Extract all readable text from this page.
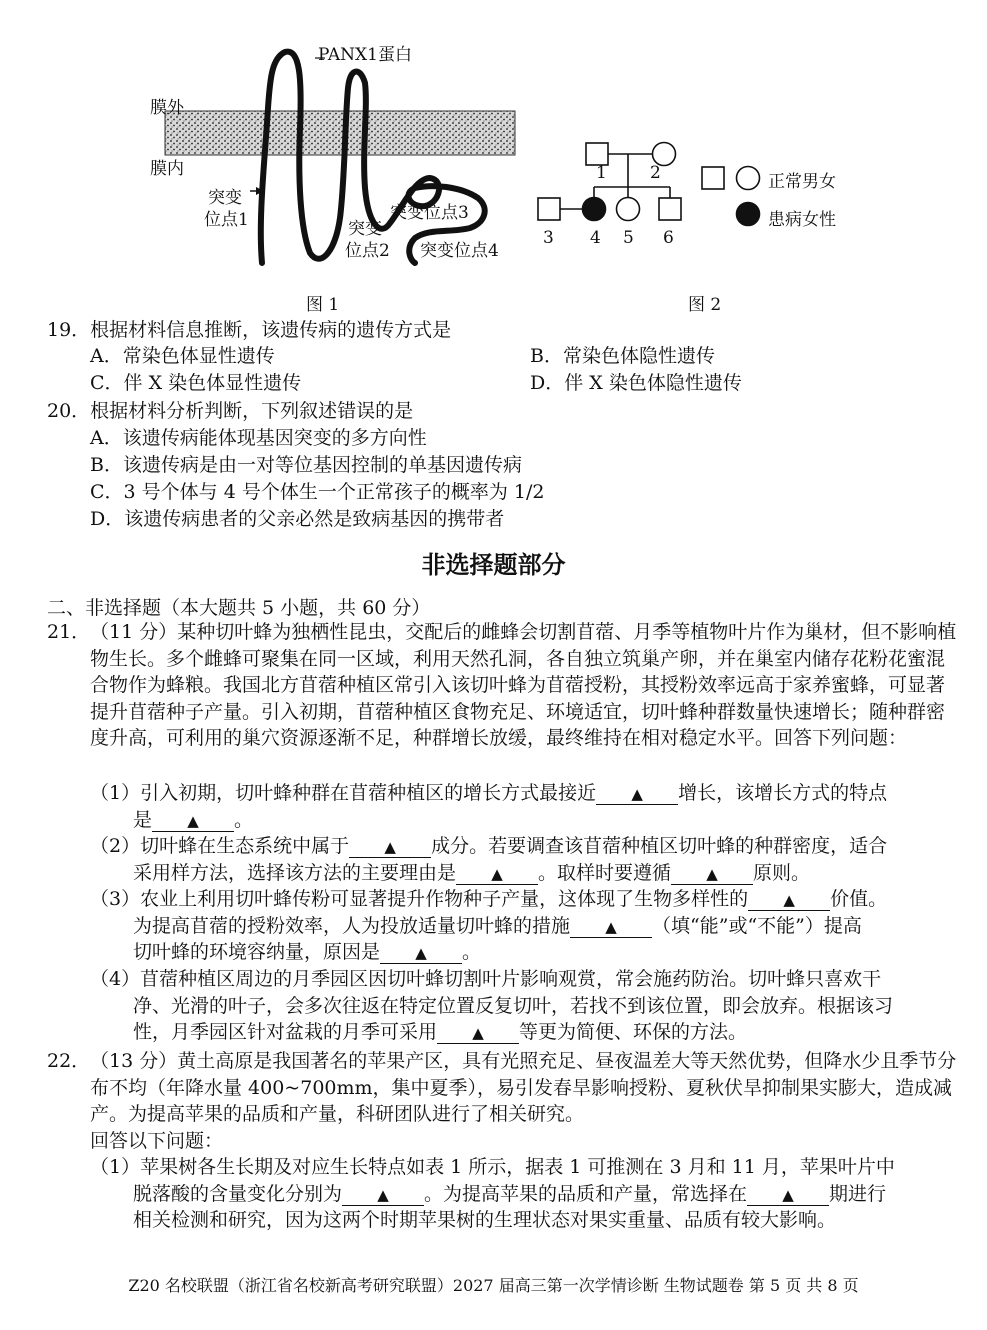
PANX1蛋白
膜外
膜内
突变
位点1	突变
位点2
突变位点3
突变位点4
图 1
1	2
3 4 5 6
正常男女
患病女性
图 2
19．根据材料信息推断，该遗传病的遗传方式是
A．常染色体显性遗传	B．常染色体隐性遗传
C．伴 X 染色体显性遗传	D．伴 X 染色体隐性遗传
20．根据材料分析判断，下列叙述错误的是
A．该遗传病能体现基因突变的多方向性
B．该遗传病是由一对等位基因控制的单基因遗传病
C．3 号个体与 4 号个体生一个正常孩子的概率为 1/2
D．该遗传病患者的父亲必然是致病基因的携带者
非选择题部分
二、非选择题（本大题共 5 小题，共 60 分）
21． （11 分）某种切叶蜂为独栖性昆虫，交配后的雌蜂会切割苜蓿、月季等植物叶片作为巢材，但不影响植物生长。多个雌蜂可聚集在同一区域，利用天然孔洞，各自独立筑巢产卵，并在巢室内储存花粉花蜜混合物作为蜂粮。我国北方苜蓿种植区常引入该切叶蜂为苜蓿授粉，其授粉效率远高于家养蜜蜂，可显著提升苜蓿种子产量。引入初期，苜蓿种植区食物充足、环境适宜，切叶蜂种群数量快速增长；随种群密度升高，可利用的巢穴资源逐渐不足，种群增长放缓，最终维持在相对稳定水平。回答下列问题：
（1）引入初期，切叶蜂种群在苜蓿种植区的增长方式最接近 ▲ 增长，该增长方式的特点
是 ▲ 。
（2）切叶蜂在生态系统中属于 ▲ 成分。若要调查该苜蓿种植区切叶蜂的种群密度，适合
采用样方法，选择该方法的主要理由是 ▲ 。取样时要遵循 ▲ 原则。
（3）农业上利用切叶蜂传粉可显著提升作物种子产量，这体现了生物多样性的 ▲ 价值。
为提高苜蓿的授粉效率，人为投放适量切叶蜂的措施 ▲ （填“能”或“不能”）提高
切叶蜂的环境容纳量，原因是 ▲ 。
（4）苜蓿种植区周边的月季园区因切叶蜂切割叶片影响观赏，常会施药防治。切叶蜂只喜欢干
净、光滑的叶子，会多次往返在特定位置反复切叶，若找不到该位置，即会放弃。根据该习
性，月季园区针对盆栽的月季可采用 ▲ 等更为简便、环保的方法。
22． （13 分）黄土高原是我国著名的苹果产区，具有光照充足、昼夜温差大等天然优势，但降水少且季节分布不均（年降水量 400~700mm，集中夏季），易引发春旱影响授粉、夏秋伏旱抑制果实膨大，造成减产。为提高苹果的品质和产量，科研团队进行了相关研究。
回答以下问题：
（1）苹果树各生长期及对应生长特点如表 1 所示，据表 1 可推测在 3 月和 11 月，苹果叶片中
脱落酸的含量变化分别为 ▲ 。为提高苹果的品质和产量，常选择在 ▲ 期进行
相关检测和研究，因为这两个时期苹果树的生理状态对果实重量、品质有较大影响。
Z20 名校联盟（浙江省名校新高考研究联盟）2027 届高三第一次学情诊断 生物试题卷 第 5 页 共 8 页
